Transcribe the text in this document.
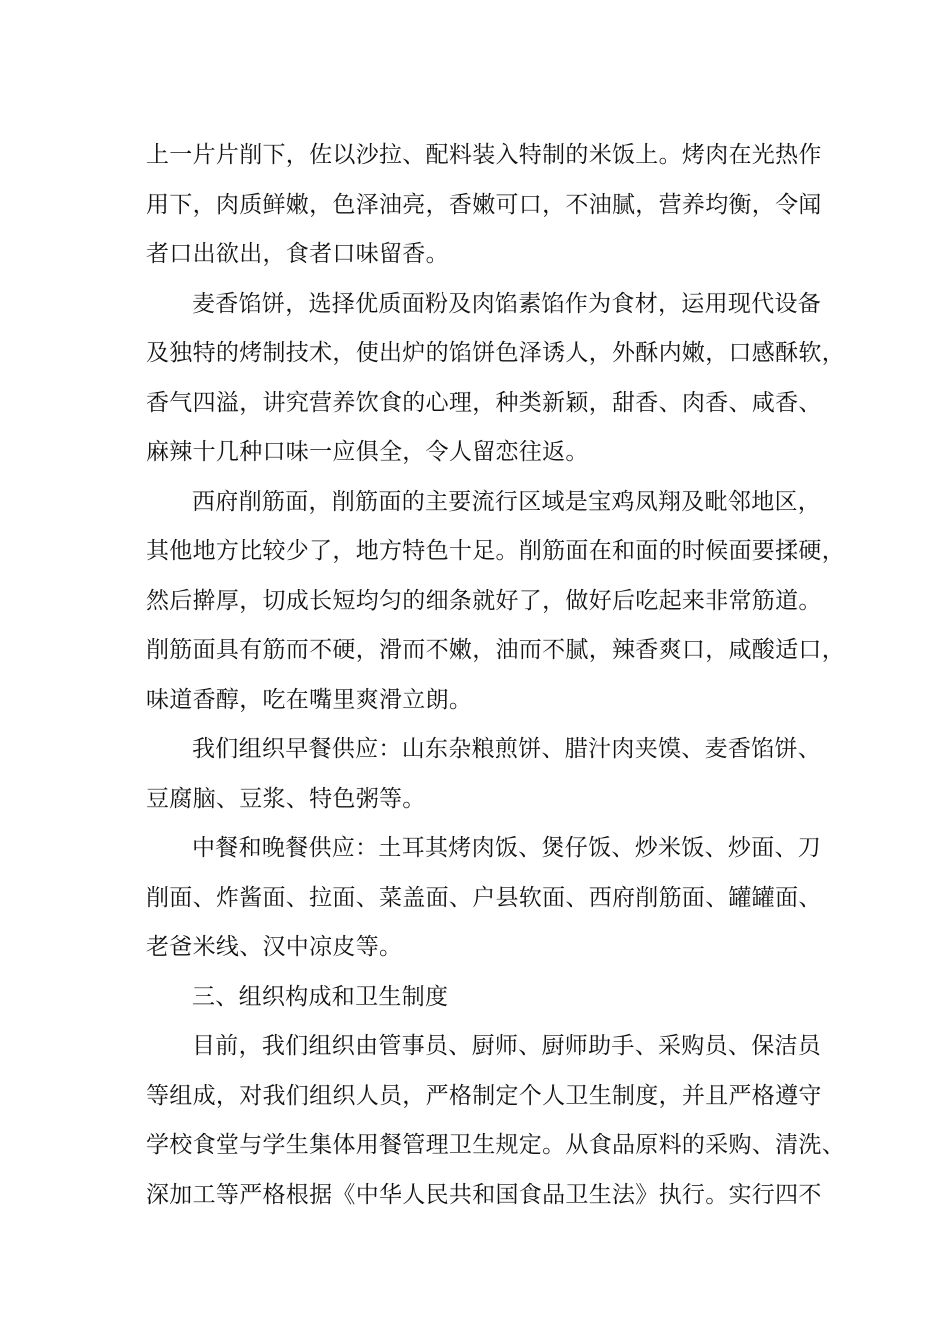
上一片片削下，佐以沙拉、配料装入特制的米饭上。烤肉在光热作
用下，肉质鲜嫩，色泽油亮，香嫩可口，不油腻，营养均衡，令闻
者口出欲出，食者口味留香。
麦香馅饼，选择优质面粉及肉馅素馅作为食材，运用现代设备
及独特的烤制技术，使出炉的馅饼色泽诱人，外酥内嫩，口感酥软，
香气四溢，讲究营养饮食的心理，种类新颖，甜香、肉香、咸香、
麻辣十几种口味一应俱全，令人留恋往返。
西府削筋面，削筋面的主要流行区域是宝鸡凤翔及毗邻地区，
其他地方比较少了，地方特色十足。削筋面在和面的时候面要揉硬，
然后擀厚，切成长短均匀的细条就好了，做好后吃起来非常筋道。
削筋面具有筋而不硬，滑而不嫩，油而不腻，辣香爽口，咸酸适口，
味道香醇，吃在嘴里爽滑立朗。
我们组织早餐供应：山东杂粮煎饼、腊汁肉夹馍、麦香馅饼、
豆腐脑、豆浆、特色粥等。
中餐和晚餐供应：土耳其烤肉饭、煲仔饭、炒米饭、炒面、刀
削面、炸酱面、拉面、菜盖面、户县软面、西府削筋面、罐罐面、
老爸米线、汉中凉皮等。
三、组织构成和卫生制度
目前，我们组织由管事员、厨师、厨师助手、采购员、保洁员
等组成，对我们组织人员，严格制定个人卫生制度，并且严格遵守
学校食堂与学生集体用餐管理卫生规定。从食品原料的采购、清洗、
深加工等严格根据《中华人民共和国食品卫生法》执行。实行四不
